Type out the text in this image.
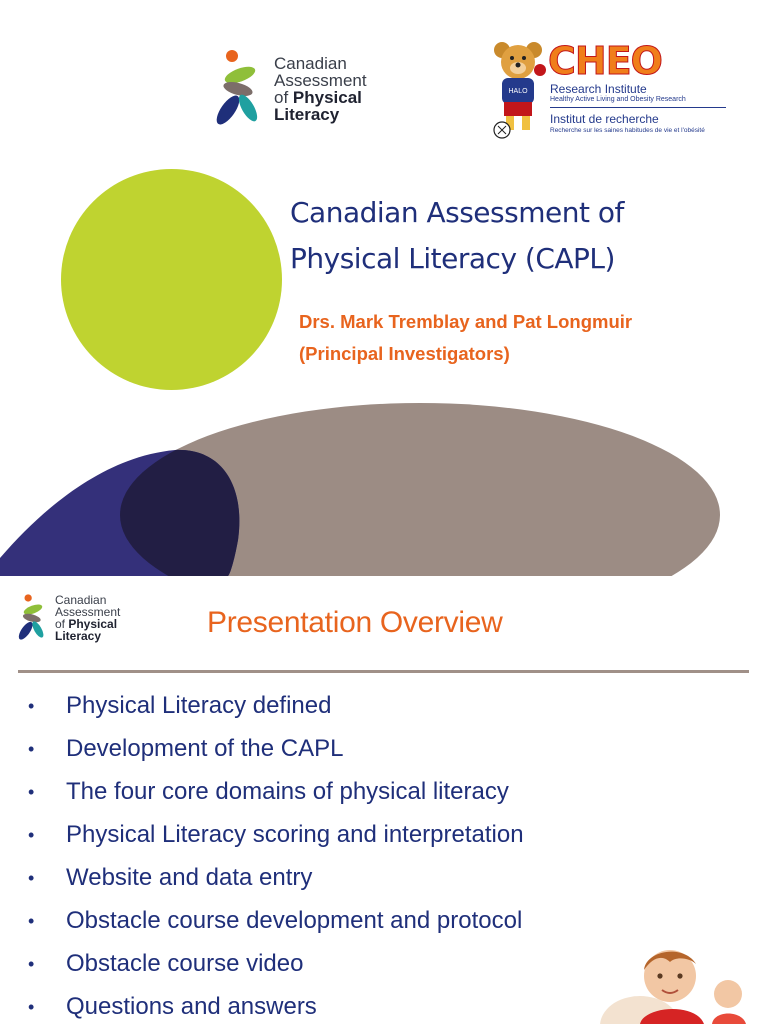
Canadian
Assessment
of Physical
Literacy
HALO
CHEO
Research Institute
Healthy Active Living and Obesity Research
Institut de recherche
Recherche sur les saines habitudes de vie et l'obésité
Canadian Assessment of
Physical Literacy (CAPL)
Drs. Mark Tremblay and Pat Longmuir
(Principal Investigators)
Canadian
Assessment
of Physical
Literacy	Presentation Overview
•	Physical Literacy defined
•	Development of the CAPL
•	The four core domains of physical literacy
•	Physical Literacy scoring and interpretation
•	Website and data entry
•	Obstacle course development and protocol
•	Obstacle course video
•	Questions and answers
